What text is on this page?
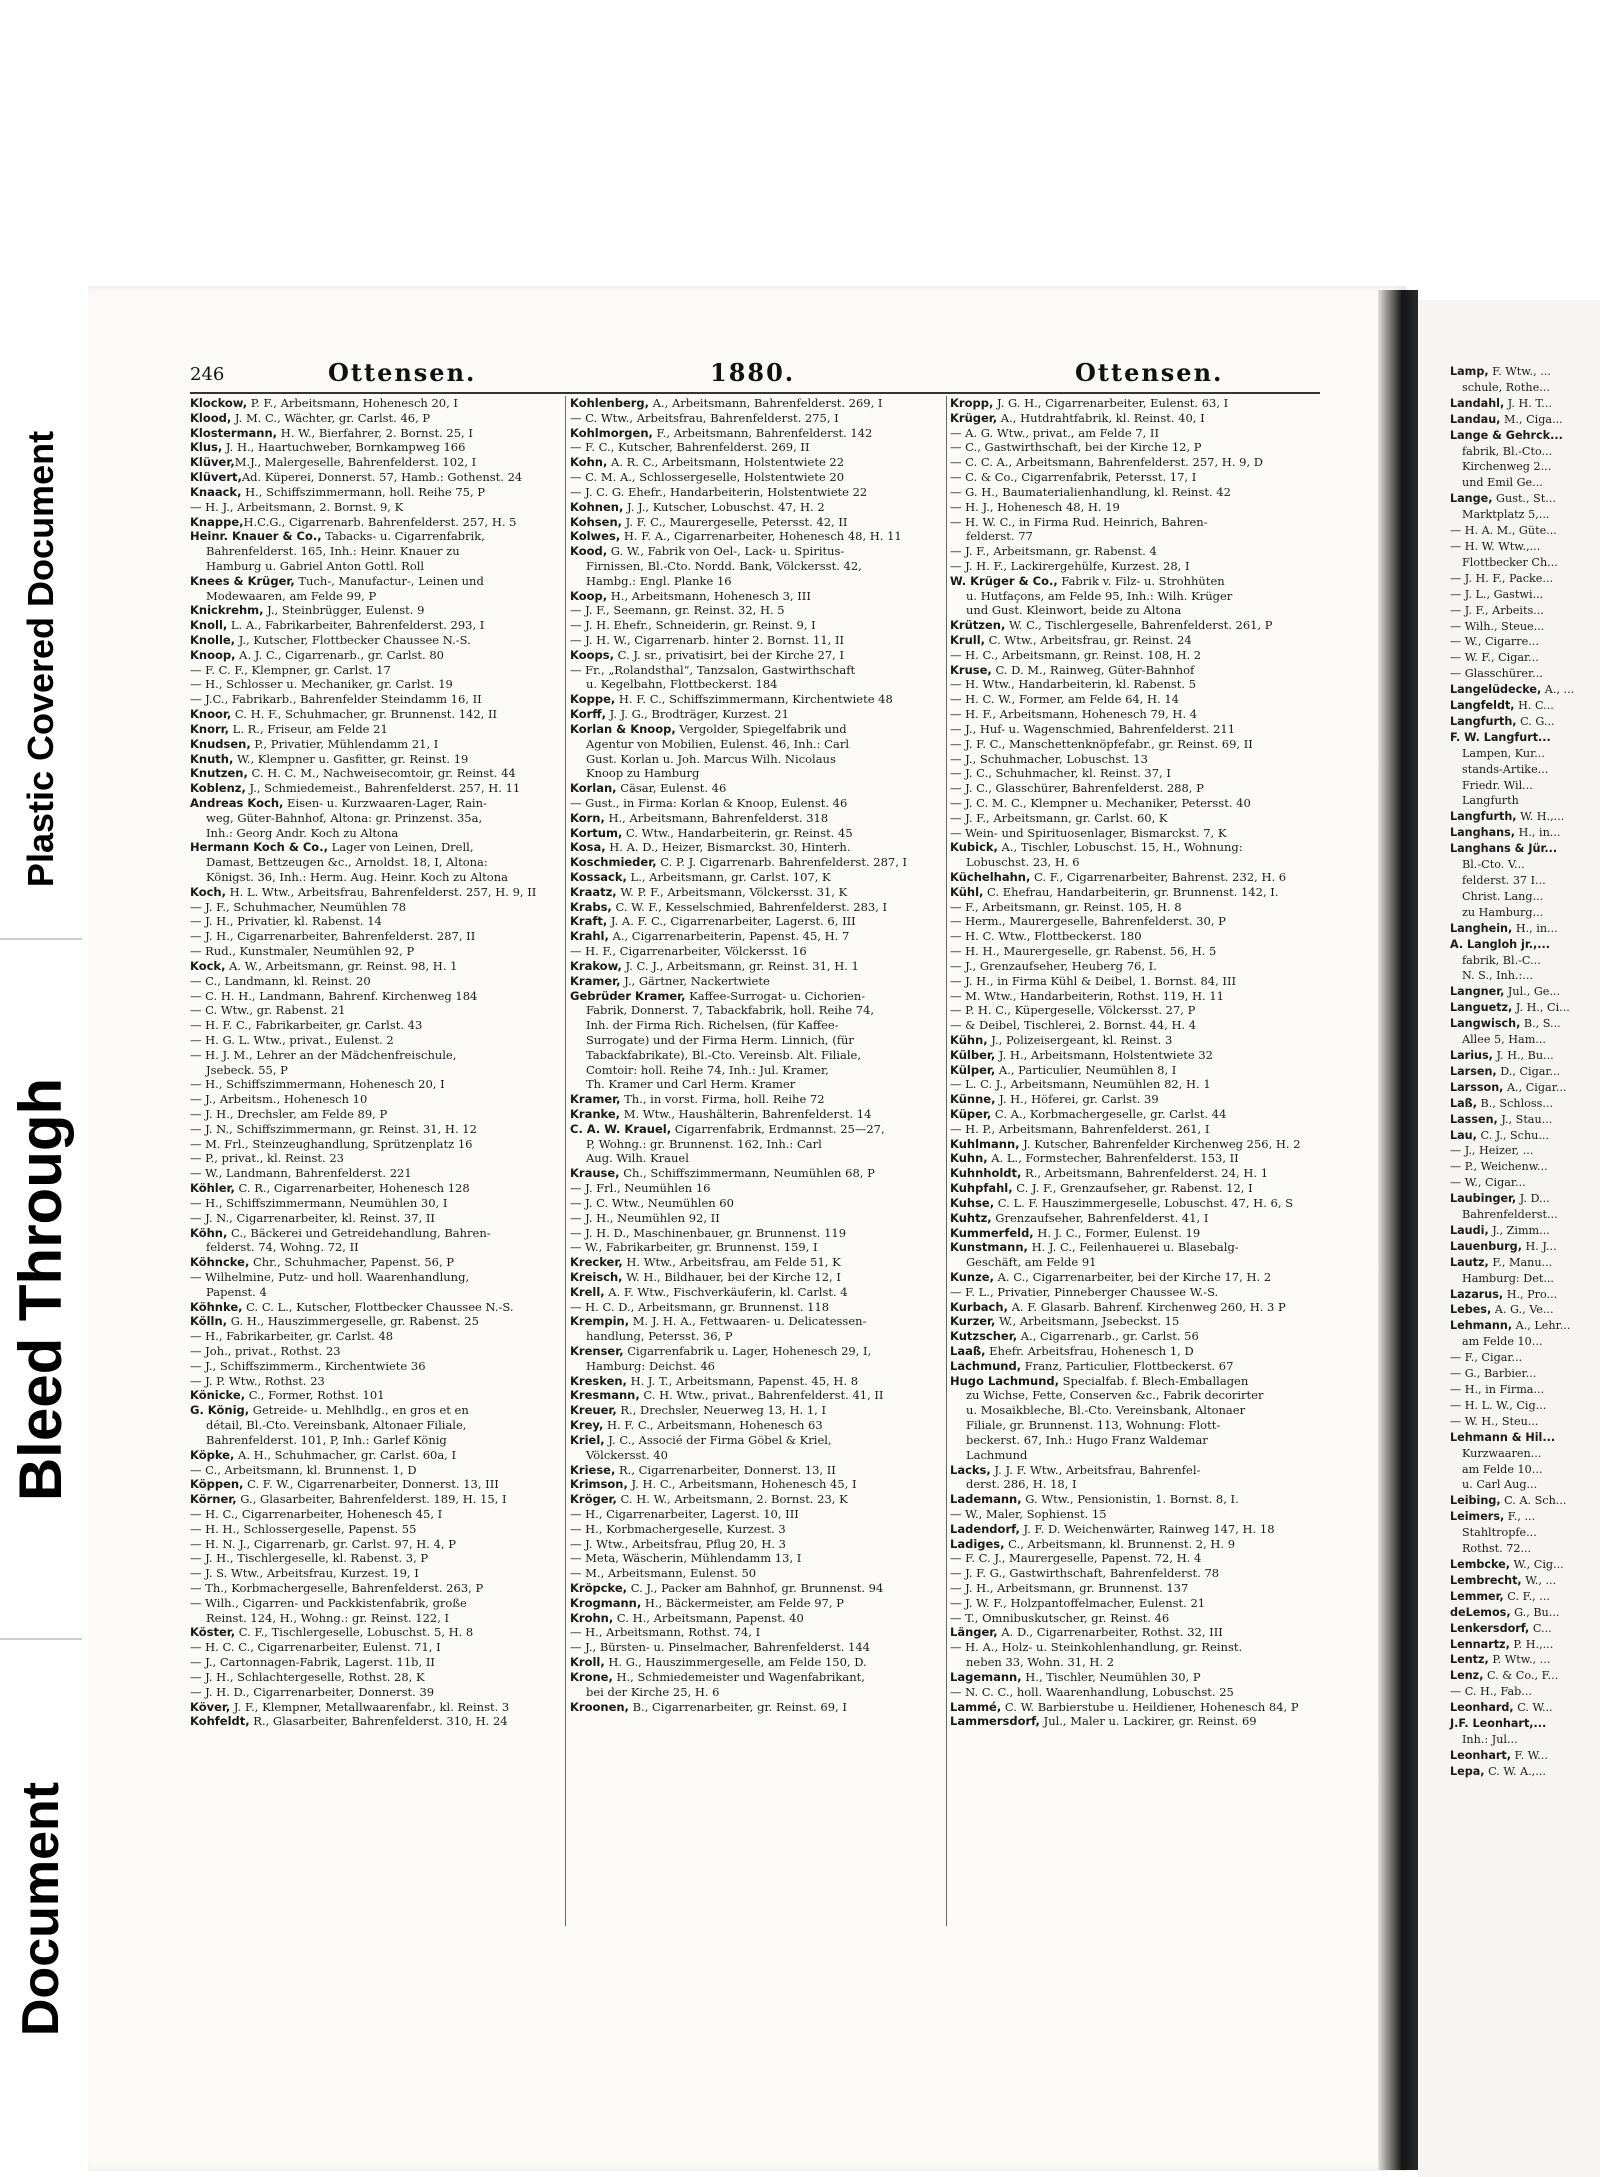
Plastic Covered Document
Bleed Through
Document
Lamp, F. Wtw., ...
schule, Rothe...
Landahl, J. H. T...
Landau, M., Ciga...
Lange & Gehrck...
fabrik, Bl.-Cto...
Kirchenweg 2...
und Emil Ge...
Lange, Gust., St...
Marktplatz 5,...
— H. A. M., Güte...
— H. W. Wtw.,...
Flottbecker Ch...
— J. H. F., Packe...
— J. L., Gastwi...
— J. F., Arbeits...
— Wilh., Steue...
— W., Cigarre...
— W. F., Cigar...
— Glasschürer...
Langelüdecke, A., ...
Langfeldt, H. C...
Langfurth, C. G...
F. W. Langfurt...
Lampen, Kur...
stands-Artike...
Friedr. Wil...
Langfurth
Langfurth, W. H.,...
Langhans, H., in...
Langhans & Jür...
Bl.-Cto. V...
felderst. 37 I...
Christ. Lang...
zu Hamburg...
Langhein, H., in...
A. Langloh jr.,...
fabrik, Bl.-C...
N. S., Inh.:...
Langner, Jul., Ge...
Languetz, J. H., Ci...
Langwisch, B., S...
Allee 5, Ham...
Larius, J. H., Bu...
Larsen, D., Cigar...
Larsson, A., Cigar...
Laß, B., Schloss...
Lassen, J., Stau...
Lau, C. J., Schu...
— J., Heizer, ...
— P., Weichenw...
— W., Cigar...
Laubinger, J. D...
Bahrenfelderst...
Laudi, J., Zimm...
Lauenburg, H. J...
Lautz, F., Manu...
Hamburg: Det...
Lazarus, H., Pro...
Lebes, A. G., Ve...
Lehmann, A., Lehr...
am Felde 10...
— F., Cigar...
— G., Barbier...
— H., in Firma...
— H. L. W., Cig...
— W. H., Steu...
Lehmann & Hil...
Kurzwaaren...
am Felde 10...
u. Carl Aug...
Leibing, C. A. Sch...
Leimers, F., ...
Stahltropfe...
Rothst. 72...
Lembcke, W., Cig...
Lembrecht, W., ...
Lemmer, C. F., ...
deLemos, G., Bu...
Lenkersdorf, C...
Lennartz, P. H.,...
Lentz, P. Wtw., ...
Lenz, C. & Co., F...
— C. H., Fab...
Leonhard, C. W...
J.F. Leonhart,...
Inh.: Jul...
Leonhart, F. W...
Lepa, C. W. A.,...
246	Ottensen.	1880.	Ottensen.
Klockow, P. F., Arbeitsmann, Hohenesch 20, I
Klood, J. M. C., Wächter, gr. Carlst. 46, P
Klostermann, H. W., Bierfahrer, 2. Bornst. 25, I
Klus, J. H., Haartuchweber, Bornkampweg 166
Klüver,M.J., Malergeselle, Bahrenfelderst. 102, I
Klüvert,Ad. Küperei, Donnerst. 57, Hamb.: Gothenst. 24
Knaack, H., Schiffszimmermann, holl. Reihe 75, P
— H. J., Arbeitsmann, 2. Bornst. 9, K
Knappe,H.C.G., Cigarrenarb. Bahrenfelderst. 257, H. 5
Heinr. Knauer & Co., Tabacks- u. Cigarrenfabrik,
Bahrenfelderst. 165, Inh.: Heinr. Knauer zu
Hamburg u. Gabriel Anton Gottl. Roll
Knees & Krüger, Tuch-, Manufactur-, Leinen und
Modewaaren, am Felde 99, P
Knickrehm, J., Steinbrügger, Eulenst. 9
Knoll, L. A., Fabrikarbeiter, Bahrenfelderst. 293, I
Knolle, J., Kutscher, Flottbecker Chaussee N.-S.
Knoop, A. J. C., Cigarrenarb., gr. Carlst. 80
— F. C. F., Klempner, gr. Carlst. 17
— H., Schlosser u. Mechaniker, gr. Carlst. 19
— J.C., Fabrikarb., Bahrenfelder Steindamm 16, II
Knoor, C. H. F., Schuhmacher, gr. Brunnenst. 142, II
Knorr, L. R., Friseur, am Felde 21
Knudsen, P., Privatier, Mühlendamm 21, I
Knuth, W., Klempner u. Gasfitter, gr. Reinst. 19
Knutzen, C. H. C. M., Nachweisecomtoir, gr. Reinst. 44
Koblenz, J., Schmiedemeist., Bahrenfelderst. 257, H. 11
Andreas Koch, Eisen- u. Kurzwaaren-Lager, Rain-
weg, Güter-Bahnhof, Altona: gr. Prinzenst. 35a,
Inh.: Georg Andr. Koch zu Altona
Hermann Koch & Co., Lager von Leinen, Drell,
Damast, Bettzeugen &c., Arnoldst. 18, I, Altona:
Königst. 36, Inh.: Herm. Aug. Heinr. Koch zu Altona
Koch, H. L. Wtw., Arbeitsfrau, Bahrenfelderst. 257, H. 9, II
— J. F., Schuhmacher, Neumühlen 78
— J. H., Privatier, kl. Rabenst. 14
— J. H., Cigarrenarbeiter, Bahrenfelderst. 287, II
— Rud., Kunstmaler, Neumühlen 92, P
Kock, A. W., Arbeitsmann, gr. Reinst. 98, H. 1
— C., Landmann, kl. Reinst. 20
— C. H. H., Landmann, Bahrenf. Kirchenweg 184
— C. Wtw., gr. Rabenst. 21
— H. F. C., Fabrikarbeiter, gr. Carlst. 43
— H. G. L. Wtw., privat., Eulenst. 2
— H. J. M., Lehrer an der Mädchenfreischule,
Jsebeck. 55, P
— H., Schiffszimmermann, Hohenesch 20, I
— J., Arbeitsm., Hohenesch 10
— J. H., Drechsler, am Felde 89, P
— J. N., Schiffszimmermann, gr. Reinst. 31, H. 12
— M. Frl., Steinzeughandlung, Sprützenplatz 16
— P., privat., kl. Reinst. 23
— W., Landmann, Bahrenfelderst. 221
Köhler, C. R., Cigarrenarbeiter, Hohenesch 128
— H., Schiffszimmermann, Neumühlen 30, I
— J. N., Cigarrenarbeiter, kl. Reinst. 37, II
Köhn, C., Bäckerei und Getreidehandlung, Bahren-
felderst. 74, Wohng. 72, II
Köhncke, Chr., Schuhmacher, Papenst. 56, P
— Wilhelmine, Putz- und holl. Waarenhandlung,
Papenst. 4
Köhnke, C. C. L., Kutscher, Flottbecker Chaussee N.-S.
Kölln, G. H., Hauszimmergeselle, gr. Rabenst. 25
— H., Fabrikarbeiter, gr. Carlst. 48
— Joh., privat., Rothst. 23
— J., Schiffszimmerm., Kirchentwiete 36
— J. P. Wtw., Rothst. 23
Könicke, C., Former, Rothst. 101
G. König, Getreide- u. Mehlhdlg., en gros et en
détail, Bl.-Cto. Vereinsbank, Altonaer Filiale,
Bahrenfelderst. 101, P, Inh.: Garlef König
Köpke, A. H., Schuhmacher, gr. Carlst. 60a, I
— C., Arbeitsmann, kl. Brunnenst. 1, D
Köppen, C. F. W., Cigarrenarbeiter, Donnerst. 13, III
Körner, G., Glasarbeiter, Bahrenfelderst. 189, H. 15, I
— H. C., Cigarrenarbeiter, Hohenesch 45, I
— H. H., Schlossergeselle, Papenst. 55
— H. N. J., Cigarrenarb, gr. Carlst. 97, H. 4, P
— J. H., Tischlergeselle, kl. Rabenst. 3, P
— J. S. Wtw., Arbeitsfrau, Kurzest. 19, I
— Th., Korbmachergeselle, Bahrenfelderst. 263, P
— Wilh., Cigarren- und Packkistenfabrik, große
Reinst. 124, H., Wohng.: gr. Reinst. 122, I
Köster, C. F., Tischlergeselle, Lobuschst. 5, H. 8
— H. C. C., Cigarrenarbeiter, Eulenst. 71, I
— J., Cartonnagen-Fabrik, Lagerst. 11b, II
— J. H., Schlachtergeselle, Rothst. 28, K
— J. H. D., Cigarrenarbeiter, Donnerst. 39
Köver, J. F., Klempner, Metallwaarenfabr., kl. Reinst. 3
Kohfeldt, R., Glasarbeiter, Bahrenfelderst. 310, H. 24
Kohlenberg, A., Arbeitsmann, Bahrenfelderst. 269, I
— C. Wtw., Arbeitsfrau, Bahrenfelderst. 275, I
Kohlmorgen, F., Arbeitsmann, Bahrenfelderst. 142
— F. C., Kutscher, Bahrenfelderst. 269, II
Kohn, A. R. C., Arbeitsmann, Holstentwiete 22
— C. M. A., Schlossergeselle, Holstentwiete 20
— J. C. G. Ehefr., Handarbeiterin, Holstentwiete 22
Kohnen, J. J., Kutscher, Lobuschst. 47, H. 2
Kohsen, J. F. C., Maurergeselle, Petersst. 42, II
Kolwes, H. F. A., Cigarrenarbeiter, Hohenesch 48, H. 11
Kood, G. W., Fabrik von Oel-, Lack- u. Spiritus-
Firnissen, Bl.-Cto. Nordd. Bank, Völckersst. 42,
Hambg.: Engl. Planke 16
Koop, H., Arbeitsmann, Hohenesch 3, III
— J. F., Seemann, gr. Reinst. 32, H. 5
— J. H. Ehefr., Schneiderin, gr. Reinst. 9, I
— J. H. W., Cigarrenarb. hinter 2. Bornst. 11, II
Koops, C. J. sr., privatisirt, bei der Kirche 27, I
— Fr., „Rolandsthal“, Tanzsalon, Gastwirthschaft
u. Kegelbahn, Flottbeckerst. 184
Koppe, H. F. C., Schiffszimmermann, Kirchentwiete 48
Korff, J. J. G., Brodträger, Kurzest. 21
Korlan & Knoop, Vergolder, Spiegelfabrik und
Agentur von Mobilien, Eulenst. 46, Inh.: Carl
Gust. Korlan u. Joh. Marcus Wilh. Nicolaus
Knoop zu Hamburg
Korlan, Cäsar, Eulenst. 46
— Gust., in Firma: Korlan & Knoop, Eulenst. 46
Korn, H., Arbeitsmann, Bahrenfelderst. 318
Kortum, C. Wtw., Handarbeiterin, gr. Reinst. 45
Kosa, H. A. D., Heizer, Bismarckst. 30, Hinterh.
Koschmieder, C. P. J. Cigarrenarb. Bahrenfelderst. 287, I
Kossack, L., Arbeitsmann, gr. Carlst. 107, K
Kraatz, W. P. F., Arbeitsmann, Völckersst. 31, K
Krabs, C. W. F., Kesselschmied, Bahrenfelderst. 283, I
Kraft, J. A. F. C., Cigarrenarbeiter, Lagerst. 6, III
Krahl, A., Cigarrenarbeiterin, Papenst. 45, H. 7
— H. F., Cigarrenarbeiter, Völckersst. 16
Krakow, J. C. J., Arbeitsmann, gr. Reinst. 31, H. 1
Kramer, J., Gärtner, Nackertwiete
Gebrüder Kramer, Kaffee-Surrogat- u. Cichorien-
Fabrik, Donnerst. 7, Tabackfabrik, holl. Reihe 74,
Inh. der Firma Rich. Richelsen, (für Kaffee-
Surrogate) und der Firma Herm. Linnich, (für
Tabackfabrikate), Bl.-Cto. Vereinsb. Alt. Filiale,
Comtoir: holl. Reihe 74, Inh.: Jul. Kramer,
Th. Kramer und Carl Herm. Kramer
Kramer, Th., in vorst. Firma, holl. Reihe 72
Kranke, M. Wtw., Haushälterin, Bahrenfelderst. 14
C. A. W. Krauel, Cigarrenfabrik, Erdmannst. 25—27,
P, Wohng.: gr. Brunnenst. 162, Inh.: Carl
Aug. Wilh. Krauel
Krause, Ch., Schiffszimmermann, Neumühlen 68, P
— J. Frl., Neumühlen 16
— J. C. Wtw., Neumühlen 60
— J. H., Neumühlen 92, II
— J. H. D., Maschinenbauer, gr. Brunnenst. 119
— W., Fabrikarbeiter, gr. Brunnenst. 159, I
Krecker, H. Wtw., Arbeitsfrau, am Felde 51, K
Kreisch, W. H., Bildhauer, bei der Kirche 12, I
Krell, A. F. Wtw., Fischverkäuferin, kl. Carlst. 4
— H. C. D., Arbeitsmann, gr. Brunnenst. 118
Krempin, M. J. H. A., Fettwaaren- u. Delicatessen-
handlung, Petersst. 36, P
Krenser, Cigarrenfabrik u. Lager, Hohenesch 29, I,
Hamburg: Deichst. 46
Kresken, H. J. T., Arbeitsmann, Papenst. 45, H. 8
Kresmann, C. H. Wtw., privat., Bahrenfelderst. 41, II
Kreuer, R., Drechsler, Neuerweg 13, H. 1, I
Krey, H. F. C., Arbeitsmann, Hohenesch 63
Kriel, J. C., Associé der Firma Göbel & Kriel,
Völckersst. 40
Kriese, R., Cigarrenarbeiter, Donnerst. 13, II
Krimson, J. H. C., Arbeitsmann, Hohenesch 45, I
Kröger, C. H. W., Arbeitsmann, 2. Bornst. 23, K
— H., Cigarrenarbeiter, Lagerst. 10, III
— H., Korbmachergeselle, Kurzest. 3
— J. Wtw., Arbeitsfrau, Pflug 20, H. 3
— Meta, Wäscherin, Mühlendamm 13, I
— M., Arbeitsmann, Eulenst. 50
Kröpcke, C. J., Packer am Bahnhof, gr. Brunnenst. 94
Krogmann, H., Bäckermeister, am Felde 97, P
Krohn, C. H., Arbeitsmann, Papenst. 40
— H., Arbeitsmann, Rothst. 74, I
— J., Bürsten- u. Pinselmacher, Bahrenfelderst. 144
Kroll, H. G., Hauszimmergeselle, am Felde 150, D.
Krone, H., Schmiedemeister und Wagenfabrikant,
bei der Kirche 25, H. 6
Kroonen, B., Cigarrenarbeiter, gr. Reinst. 69, I
Kropp, J. G. H., Cigarrenarbeiter, Eulenst. 63, I
Krüger, A., Hutdrahtfabrik, kl. Reinst. 40, I
— A. G. Wtw., privat., am Felde 7, II
— C., Gastwirthschaft, bei der Kirche 12, P
— C. C. A., Arbeitsmann, Bahrenfelderst. 257, H. 9, D
— C. & Co., Cigarrenfabrik, Petersst. 17, I
— G. H., Baumaterialienhandlung, kl. Reinst. 42
— H. J., Hohenesch 48, H. 19
— H. W. C., in Firma Rud. Heinrich, Bahren-
felderst. 77
— J. F., Arbeitsmann, gr. Rabenst. 4
— J. H. F., Lackirergehülfe, Kurzest. 28, I
W. Krüger & Co., Fabrik v. Filz- u. Strohhüten
u. Hutfaçons, am Felde 95, Inh.: Wilh. Krüger
und Gust. Kleinwort, beide zu Altona
Krützen, W. C., Tischlergeselle, Bahrenfelderst. 261, P
Krull, C. Wtw., Arbeitsfrau, gr. Reinst. 24
— H. C., Arbeitsmann, gr. Reinst. 108, H. 2
Kruse, C. D. M., Rainweg, Güter-Bahnhof
— H. Wtw., Handarbeiterin, kl. Rabenst. 5
— H. C. W., Former, am Felde 64, H. 14
— H. F., Arbeitsmann, Hohenesch 79, H. 4
— J., Huf- u. Wagenschmied, Bahrenfelderst. 211
— J. F. C., Manschettenknöpfefabr., gr. Reinst. 69, II
— J., Schuhmacher, Lobuschst. 13
— J. C., Schuhmacher, kl. Reinst. 37, I
— J. C., Glasschürer, Bahrenfelderst. 288, P
— J. C. M. C., Klempner u. Mechaniker, Petersst. 40
— J. F., Arbeitsmann, gr. Carlst. 60, K
— Wein- und Spirituosenlager, Bismarckst. 7, K
Kubick, A., Tischler, Lobuschst. 15, H., Wohnung:
Lobuschst. 23, H. 6
Küchelhahn, C. F., Cigarrenarbeiter, Bahrenst. 232, H. 6
Kühl, C. Ehefrau, Handarbeiterin, gr. Brunnenst. 142, I.
— F., Arbeitsmann, gr. Reinst. 105, H. 8
— Herm., Maurergeselle, Bahrenfelderst. 30, P
— H. C. Wtw., Flottbeckerst. 180
— H. H., Maurergeselle, gr. Rabenst. 56, H. 5
— J., Grenzaufseher, Heuberg 76, I.
— J. H., in Firma Kühl & Deibel, 1. Bornst. 84, III
— M. Wtw., Handarbeiterin, Rothst. 119, H. 11
— P. H. C., Küpergeselle, Völckersst. 27, P
— & Deibel, Tischlerei, 2. Bornst. 44, H. 4
Kühn, J., Polizeisergeant, kl. Reinst. 3
Külber, J. H., Arbeitsmann, Holstentwiete 32
Külper, A., Particulier, Neumühlen 8, I
— L. C. J., Arbeitsmann, Neumühlen 82, H. 1
Künne, J. H., Höferei, gr. Carlst. 39
Küper, C. A., Korbmachergeselle, gr. Carlst. 44
— H. P., Arbeitsmann, Bahrenfelderst. 261, I
Kuhlmann, J. Kutscher, Bahrenfelder Kirchenweg 256, H. 2
Kuhn, A. L., Formstecher, Bahrenfelderst. 153, II
Kuhnholdt, R., Arbeitsmann, Bahrenfelderst. 24, H. 1
Kuhpfahl, C. J. F., Grenzaufseher, gr. Rabenst. 12, I
Kuhse, C. L. F. Hauszimmergeselle, Lobuschst. 47, H. 6, S
Kuhtz, Grenzaufseher, Bahrenfelderst. 41, I
Kummerfeld, H. J. C., Former, Eulenst. 19
Kunstmann, H. J. C., Feilenhauerei u. Blasebalg-
Geschäft, am Felde 91
Kunze, A. C., Cigarrenarbeiter, bei der Kirche 17, H. 2
— F. L., Privatier, Pinneberger Chaussee W.-S.
Kurbach, A. F. Glasarb. Bahrenf. Kirchenweg 260, H. 3 P
Kurzer, W., Arbeitsmann, Jsebeckst. 15
Kutzscher, A., Cigarrenarb., gr. Carlst. 56
Laaß, Ehefr. Arbeitsfrau, Hohenesch 1, D
Lachmund, Franz, Particulier, Flottbeckerst. 67
Hugo Lachmund, Specialfab. f. Blech-Emballagen
zu Wichse, Fette, Conserven &c., Fabrik decorirter
u. Mosaikbleche, Bl.-Cto. Vereinsbank, Altonaer
Filiale, gr. Brunnenst. 113, Wohnung: Flott-
beckerst. 67, Inh.: Hugo Franz Waldemar
Lachmund
Lacks, J. J. F. Wtw., Arbeitsfrau, Bahrenfel-
derst. 286, H. 18, I
Lademann, G. Wtw., Pensionistin, 1. Bornst. 8, I.
— W., Maler, Sophienst. 15
Ladendorf, J. F. D. Weichenwärter, Rainweg 147, H. 18
Ladiges, C., Arbeitsmann, kl. Brunnenst. 2, H. 9
— F. C. J., Maurergeselle, Papenst. 72, H. 4
— J. F. G., Gastwirthschaft, Bahrenfelderst. 78
— J. H., Arbeitsmann, gr. Brunnenst. 137
— J. W. F., Holzpantoffelmacher, Eulenst. 21
— T., Omnibuskutscher, gr. Reinst. 46
Länger, A. D., Cigarrenarbeiter, Rothst. 32, III
— H. A., Holz- u. Steinkohlenhandlung, gr. Reinst.
neben 33, Wohn. 31, H. 2
Lagemann, H., Tischler, Neumühlen 30, P
— N. C. C., holl. Waarenhandlung, Lobuschst. 25
Lammé, C. W. Barbierstube u. Heildiener, Hohenesch 84, P
Lammersdorf, Jul., Maler u. Lackirer, gr. Reinst. 69
